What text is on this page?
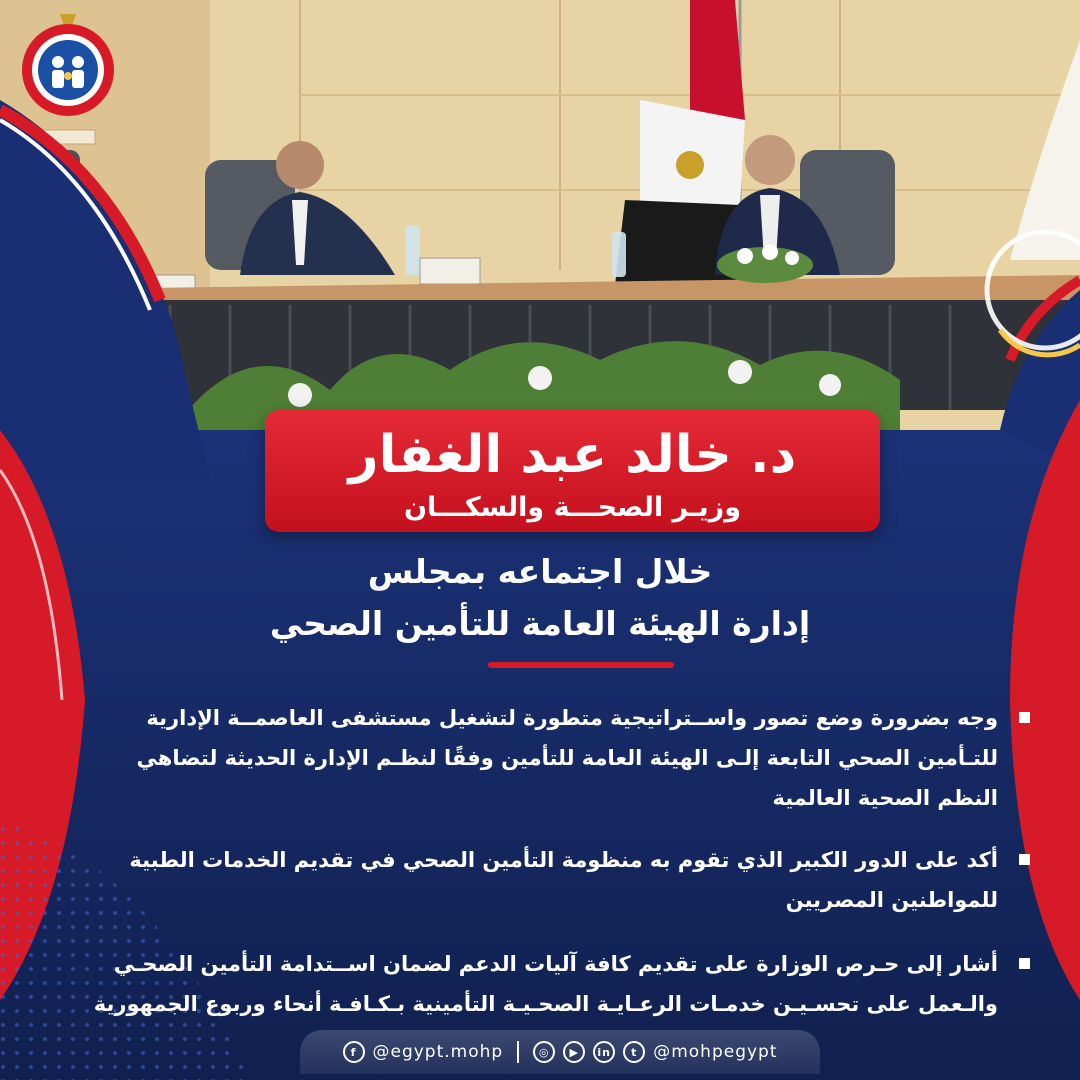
د. خالد عبد الغفار
وزيـر الصحـــة والسكـــان
خلال اجتماعه بمجلس
إدارة الهيئة العامة للتأمين الصحي
وجه بضرورة وضع تصور واســتراتيجية متطورة لتشغيل مستشفى العاصمــة الإدارية
للتـأمين الصحي التابعة إلـى الهيئة العامة للتأمين وفقًا لنظـم الإدارة الحديثة لتضاهي
النظم الصحية العالمية
أكد على الدور الكبير الذي تقوم به منظومة التأمين الصحي في تقديم الخدمات الطبية
للمواطنين المصريين
أشار إلى حـرص الوزارة على تقديم كافة آليات الدعم لضمان اســتدامة التأمين الصحـي
والـعمل على تحسـيـن خدمـات الرعـايـة الصحـيـة التأمينية بـكـافـة أنحاء وربوع الجمهورية
f @egypt.mohp	◎	▶	in	t @mohpegypt
